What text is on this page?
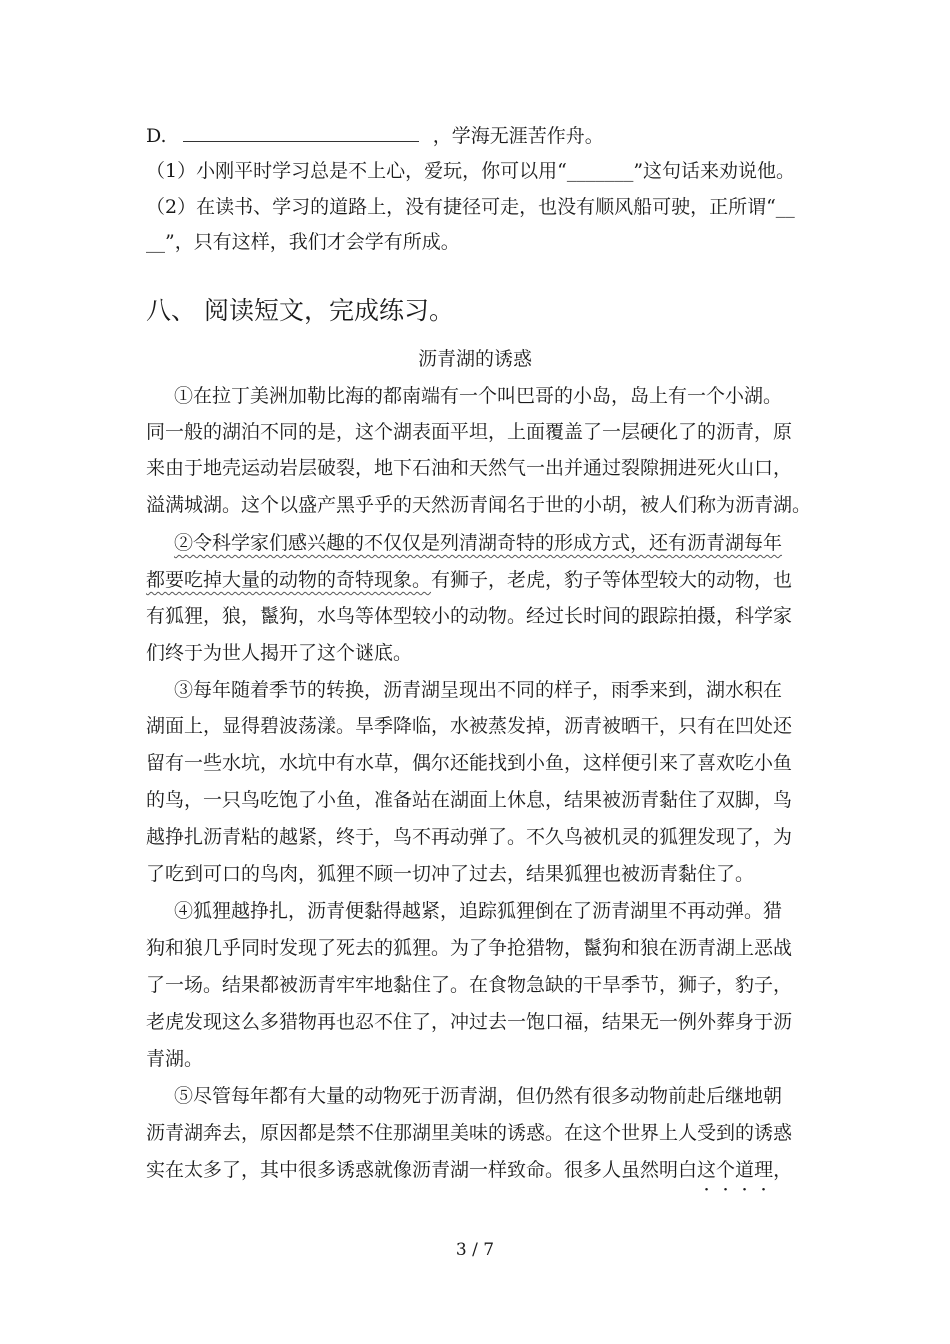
D.	，学海无涯苦作舟。
（1）小刚平时学习总是不上心，爱玩，你可以用“_______”这句话来劝说他。
（2）在读书、学习的道路上，没有捷径可走，也没有顺风船可驶，正所谓“__
__”，只有这样，我们才会学有所成。
八、 阅读短文，完成练习。
沥青湖的诱惑
①在拉丁美洲加勒比海的都南端有一个叫巴哥的小岛，岛上有一个小湖。
同一般的湖泊不同的是，这个湖表面平坦，上面覆盖了一层硬化了的沥青，原
来由于地壳运动岩层破裂，地下石油和天然气一出并通过裂隙拥进死火山口，
溢满城湖。这个以盛产黑乎乎的天然沥青闻名于世的小胡，被人们称为沥青湖。
②令科学家们感兴趣的不仅仅是列清湖奇特的形成方式，还有沥青湖每年
都要吃掉大量的动物的奇特现象。有狮子，老虎，豹子等体型较大的动物，也
有狐狸，狼，鬣狗，水鸟等体型较小的动物。经过长时间的跟踪拍摄，科学家
们终于为世人揭开了这个谜底。
③每年随着季节的转换，沥青湖呈现出不同的样子，雨季来到，湖水积在
湖面上，显得碧波荡漾。旱季降临，水被蒸发掉，沥青被晒干，只有在凹处还
留有一些水坑，水坑中有水草，偶尔还能找到小鱼，这样便引来了喜欢吃小鱼
的鸟，一只鸟吃饱了小鱼，准备站在湖面上休息，结果被沥青黏住了双脚，鸟
越挣扎沥青粘的越紧，终于，鸟不再动弹了。不久鸟被机灵的狐狸发现了，为
了吃到可口的鸟肉，狐狸不顾一切冲了过去，结果狐狸也被沥青黏住了。
④狐狸越挣扎，沥青便黏得越紧，追踪狐狸倒在了沥青湖里不再动弹。猎
狗和狼几乎同时发现了死去的狐狸。为了争抢猎物，鬣狗和狼在沥青湖上恶战
了一场。结果都被沥青牢牢地黏住了。在食物急缺的干旱季节，狮子，豹子，
老虎发现这么多猎物再也忍不住了，冲过去一饱口福，结果无一例外葬身于沥
青湖。
⑤尽管每年都有大量的动物死于沥青湖，但仍然有很多动物前赴后继地朝
沥青湖奔去，原因都是禁不住那湖里美味的诱惑。在这个世界上人受到的诱惑
实在太多了，其中很多诱惑就像沥青湖一样致命。很多人虽然明白这个道理，
3 / 7
